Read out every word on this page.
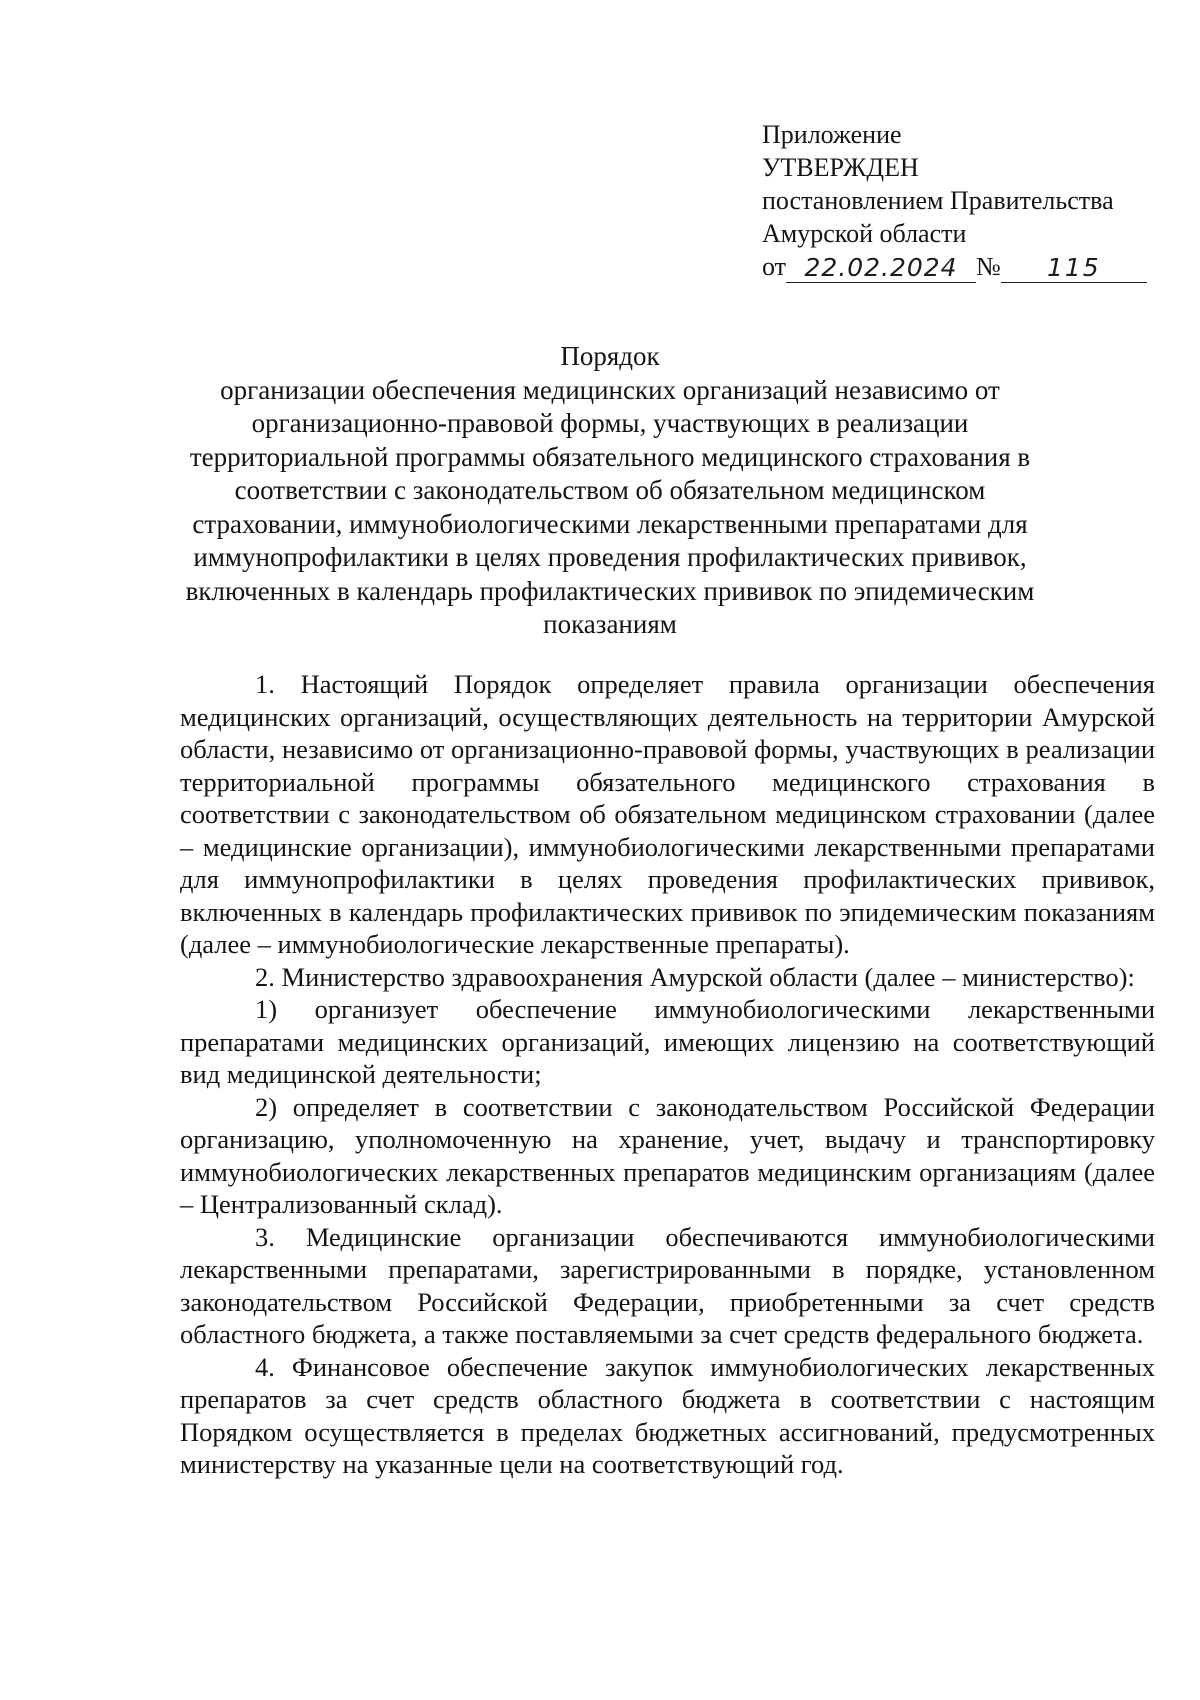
Приложение
УТВЕРЖДЕН
постановлением Правительства
Амурской области
от 22.02.2024 №	115
Порядок
организации обеспечения медицинских организаций независимо от организационно-правовой формы, участвующих в реализации территориальной программы обязательного медицинского страхования в соответствии с законодательством об обязательном медицинском страховании, иммунобиологическими лекарственными препаратами для иммунопрофилактики в целях проведения профилактических прививок, включенных в календарь профилактических прививок по эпидемическим показаниям

1. Настоящий Порядок определяет правила организации обеспечения медицинских организаций, осуществляющих деятельность на территории Амурской области, независимо от организационно-правовой формы, участвующих в реализации территориальной программы обязательного медицинского страхования в соответствии с законодательством об обязательном медицинском страховании (далее – медицинские организации), иммунобиологическими лекарственными препаратами для иммунопрофилактики в целях проведения профилактических прививок, включенных в календарь профилактических прививок по эпидемическим показаниям (далее – иммунобиологические лекарственные препараты).

2. Министерство здравоохранения Амурской области (далее – министерство):

1) организует обеспечение иммунобиологическими лекарственными препаратами медицинских организаций, имеющих лицензию на соответствующий вид медицинской деятельности;

2) определяет в соответствии с законодательством Российской Федерации организацию, уполномоченную на хранение, учет, выдачу и транспортировку иммунобиологических лекарственных препаратов медицинским организациям (далее – Централизованный склад).

3. Медицинские организации обеспечиваются иммунобиологическими лекарственными препаратами, зарегистрированными в порядке, установленном законодательством Российской Федерации, приобретенными за счет средств областного бюджета, а также поставляемыми за счет средств федерального бюджета.

4. Финансовое обеспечение закупок иммунобиологических лекарственных препаратов за счет средств областного бюджета в соответствии с настоящим Порядком осуществляется в пределах бюджетных ассигнований, предусмотренных министерству на указанные цели на соответствующий год.
